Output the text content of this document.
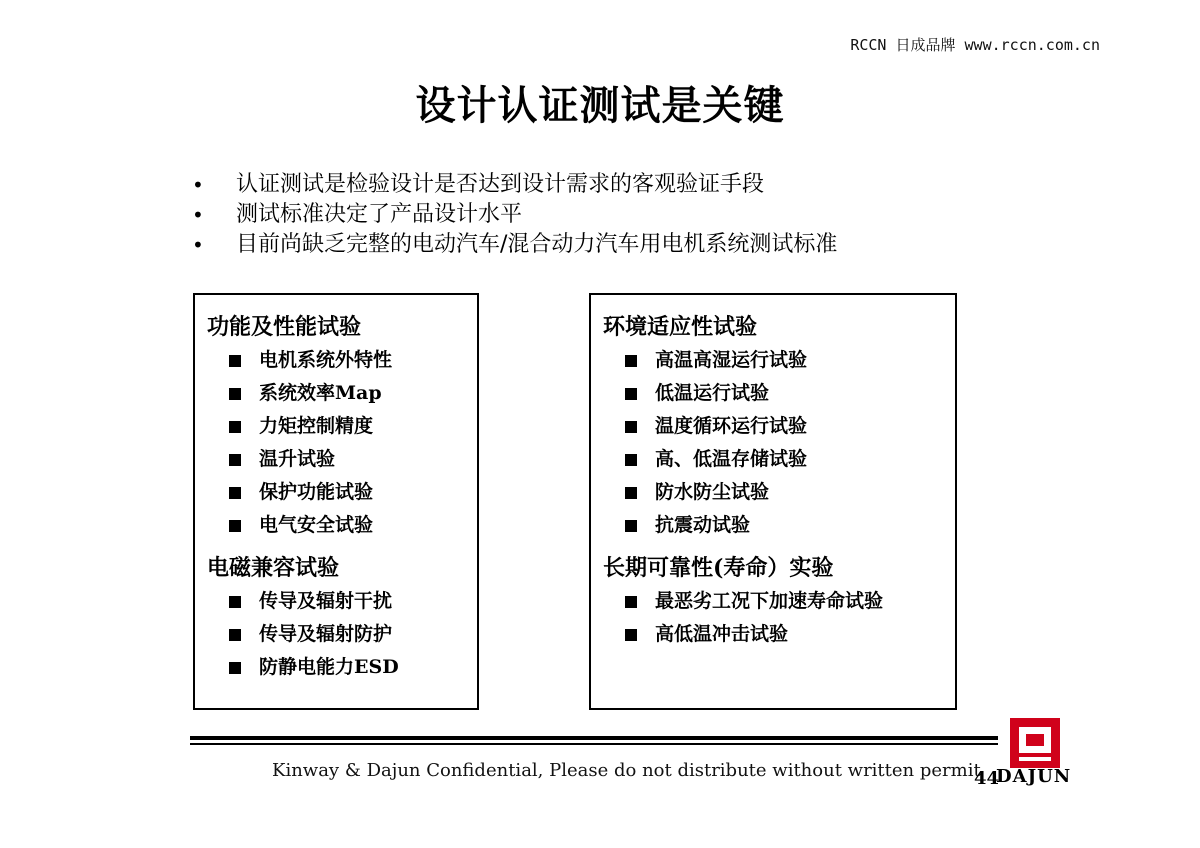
RCCN 日成品牌 www.rccn.com.cn
设计认证测试是关键
•	认证测试是检验设计是否达到设计需求的客观验证手段
•	测试标准决定了产品设计水平
•	目前尚缺乏完整的电动汽车/混合动力汽车用电机系统测试标准
功能及性能试验
电机系统外特性
系统效率Map
力矩控制精度
温升试验
保护功能试验
电气安全试验
电磁兼容试验
传导及辐射干扰
传导及辐射防护
防静电能力ESD
环境适应性试验
高温高湿运行试验
低温运行试验
温度循环运行试验
高、低温存储试验
防水防尘试验
抗震动试验
长期可靠性(寿命）实验
最恶劣工况下加速寿命试验
高低温冲击试验
Kinway & Dajun Confidential, Please do not distribute without written permit
44
DAJUN
